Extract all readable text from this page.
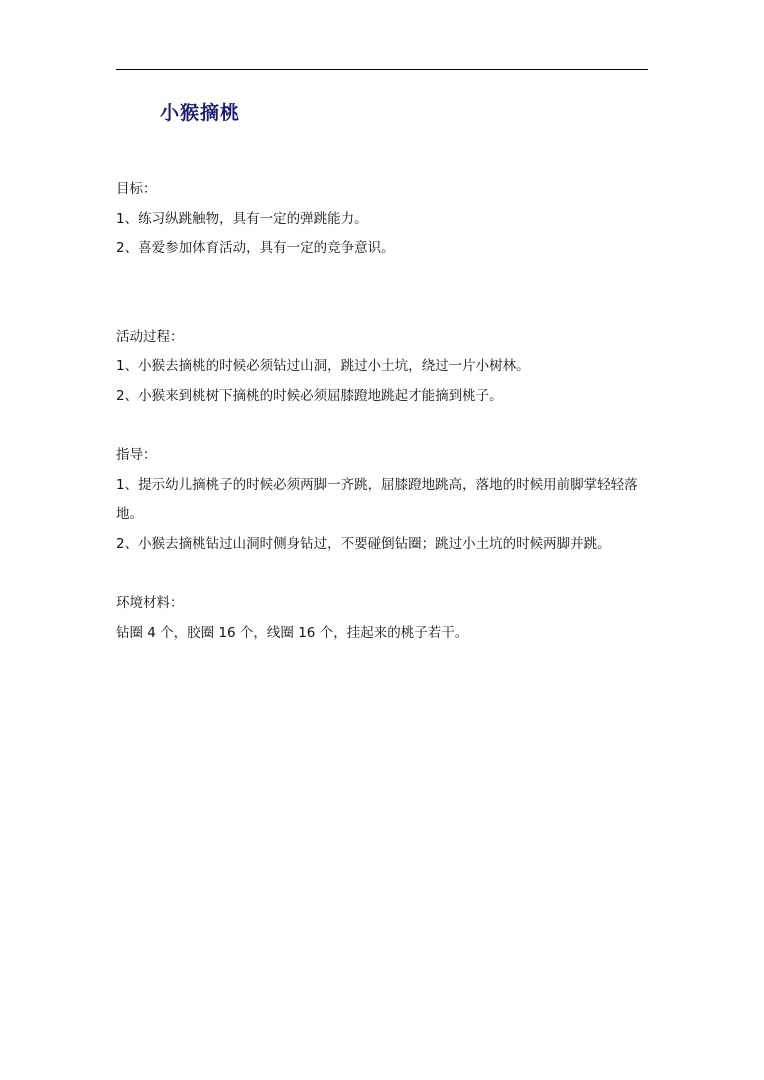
小猴摘桃

目标：

1、练习纵跳触物，具有一定的弹跳能力。

2、喜爱参加体育活动，具有一定的竞争意识。

活动过程：

1、小猴去摘桃的时候必须钻过山洞，跳过小土坑，绕过一片小树林。

2、小猴来到桃树下摘桃的时候必须屈膝蹬地跳起才能摘到桃子。

指导：

1、提示幼儿摘桃子的时候必须两脚一齐跳，屈膝蹬地跳高，落地的时候用前脚掌轻轻落地。

2、小猴去摘桃钻过山洞时侧身钻过，不要碰倒钻圈；跳过小土坑的时候两脚并跳。

环境材料：

钻圈 4 个，胶圈 16 个，线圈 16 个，挂起来的桃子若干。
